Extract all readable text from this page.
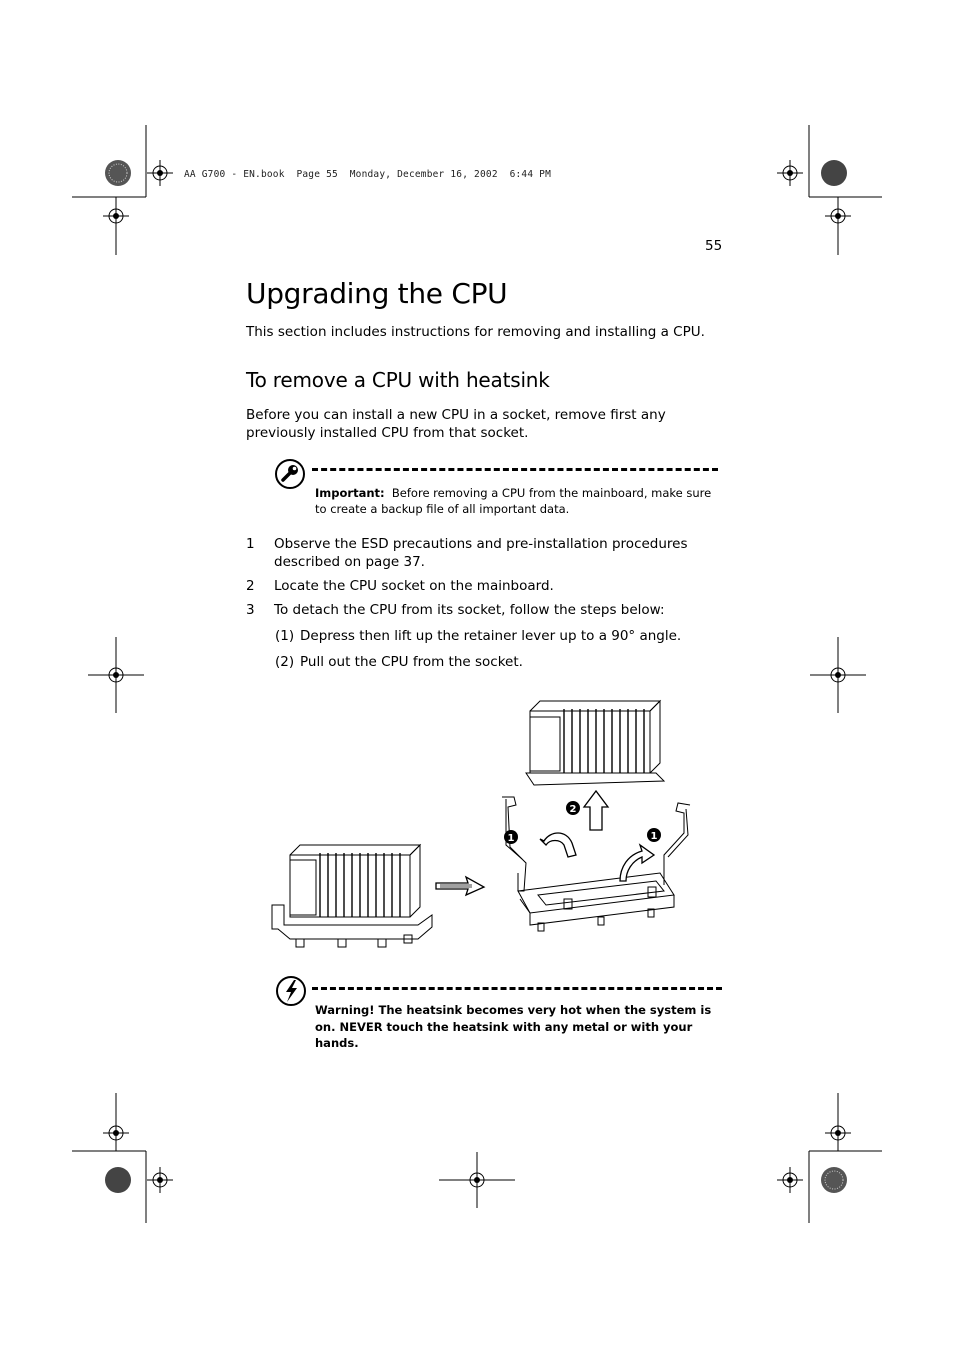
AA G700 - EN.book  Page 55  Monday, December 16, 2002  6:44 PM
55
Upgrading the CPU

This section includes instructions for removing and installing a CPU.

To remove a CPU with heatsink

Before you can install a new CPU in a socket, remove first any previously installed CPU from that socket.

Important: Before removing a CPU from the mainboard, make sure to create a backup file of all important data.

1 Observe the ESD precautions and pre-installation procedures described on page 37.
2 Locate the CPU socket on the mainboard.
3 To detach the CPU from its socket, follow the steps below:
(1) Depress then lift up the retainer lever up to a 90° angle.
(2) Pull out the CPU from the socket.
1
2
1

Warning! The heatsink becomes very hot when the system is on. NEVER touch the heatsink with any metal or with your hands.
